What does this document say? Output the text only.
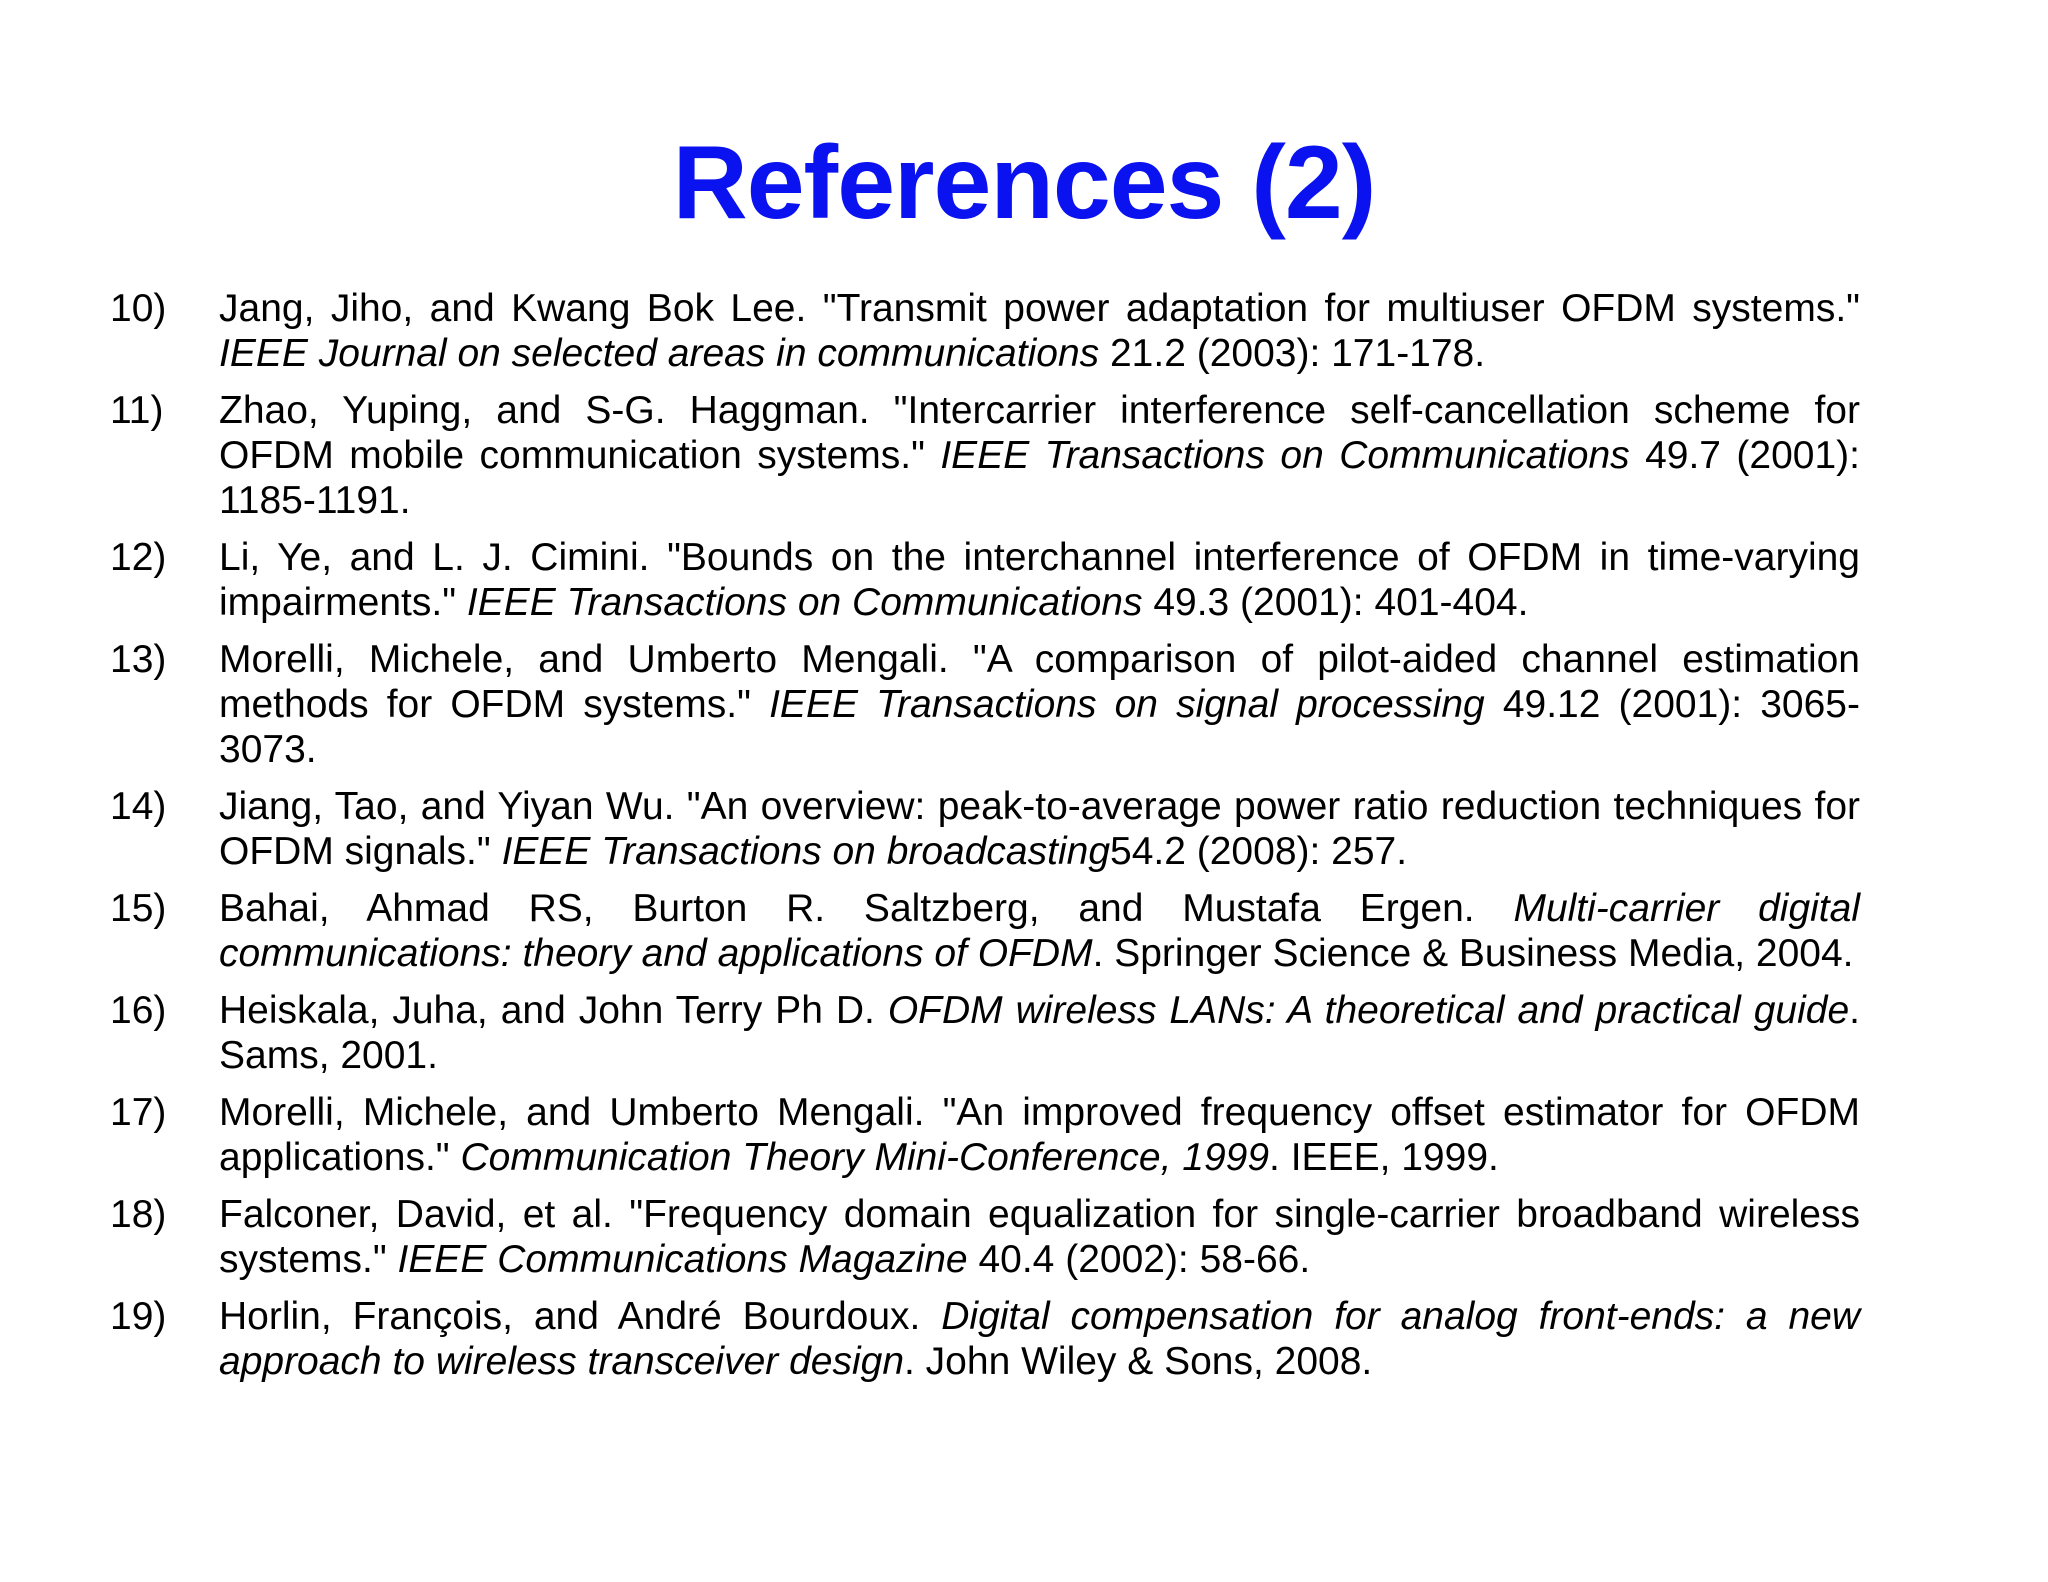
References (2)
10)	Jang, Jiho, and Kwang Bok Lee. "Transmit power adaptation for multiuser OFDM systems." IEEE Journal on selected areas in communications 21.2 (2003): 171-178.
11)	Zhao, Yuping, and S-G. Haggman. "Intercarrier interference self-cancellation scheme for OFDM mobile communication systems." IEEE Transactions on Communications 49.7 (2001): 1185-1191.
12)	Li, Ye, and L. J. Cimini. "Bounds on the interchannel interference of OFDM in time-varying impairments." IEEE Transactions on Communications 49.3 (2001): 401-404.
13)	Morelli, Michele, and Umberto Mengali. "A comparison of pilot-aided channel estimation methods for OFDM systems." IEEE Transactions on signal processing 49.12 (2001): 3065-3073.
14)	Jiang, Tao, and Yiyan Wu. "An overview: peak-to-average power ratio reduction techniques for OFDM signals." IEEE Transactions on broadcasting54.2 (2008): 257.
15)	Bahai, Ahmad RS, Burton R. Saltzberg, and Mustafa Ergen. Multi-carrier digital communications: theory and applications of OFDM. Springer Science & Business Media, 2004.
16)	Heiskala, Juha, and John Terry Ph D. OFDM wireless LANs: A theoretical and practical guide. Sams, 2001.
17)	Morelli, Michele, and Umberto Mengali. "An improved frequency offset estimator for OFDM applications." Communication Theory Mini-Conference, 1999. IEEE, 1999.
18)	Falconer, David, et al. "Frequency domain equalization for single-carrier broadband wireless systems." IEEE Communications Magazine 40.4 (2002): 58-66.
19)	Horlin, François, and André Bourdoux. Digital compensation for analog front-ends: a new approach to wireless transceiver design. John Wiley & Sons, 2008.
